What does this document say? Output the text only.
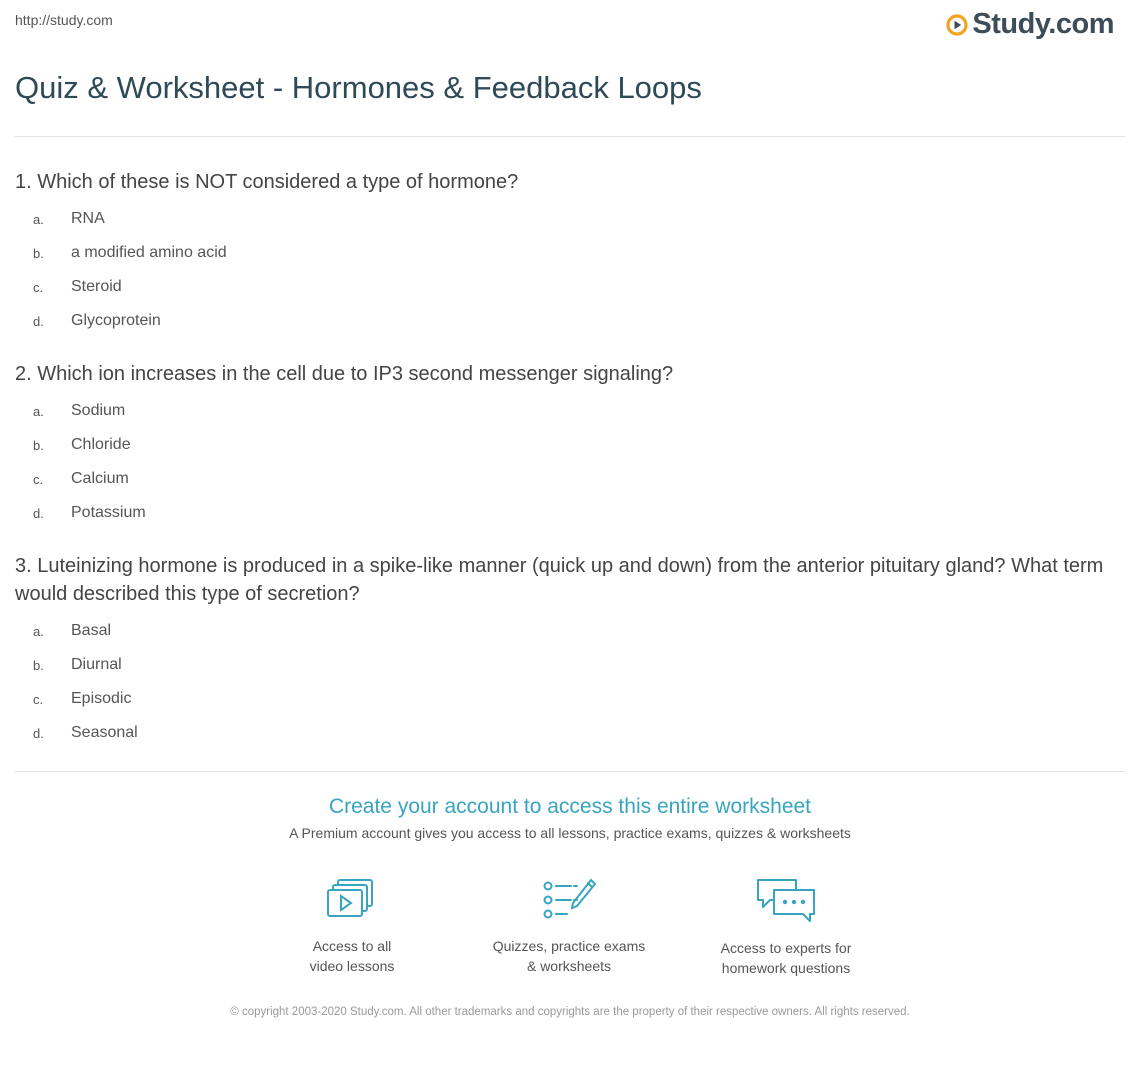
http://study.com	Study.com
Quiz & Worksheet - Hormones & Feedback Loops
1. Which of these is NOT considered a type of hormone?
a.	RNA
b.	a modified amino acid
c.	Steroid
d.	Glycoprotein
2. Which ion increases in the cell due to IP3 second messenger signaling?
a.	Sodium
b.	Chloride
c.	Calcium
d.	Potassium
3. Luteinizing hormone is produced in a spike-like manner (quick up and down) from the anterior pituitary gland? What term would described this type of secretion?
a.	Basal
b.	Diurnal
c.	Episodic
d.	Seasonal
Create your account to access this entire worksheet
A Premium account gives you access to all lessons, practice exams, quizzes & worksheets
Access to all
video lessons
Quizzes, practice exams
& worksheets
Access to experts for
homework questions
© copyright 2003-2020 Study.com. All other trademarks and copyrights are the property of their respective owners. All rights reserved.
